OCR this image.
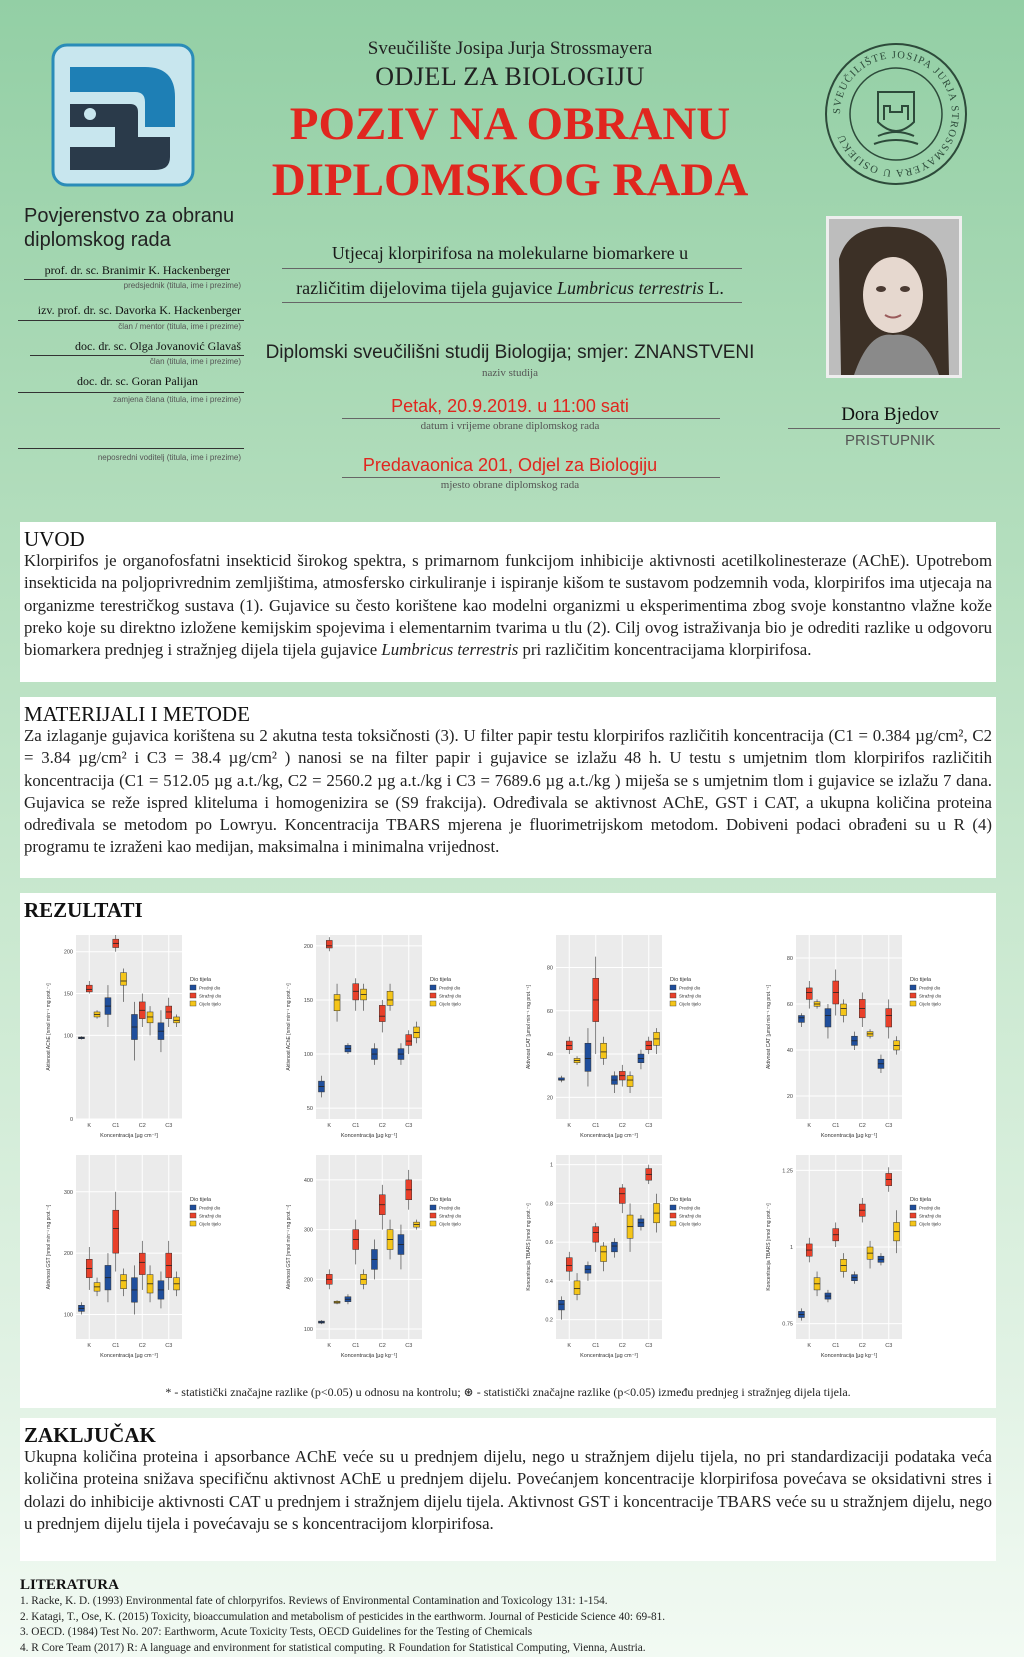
Povjerenstvo za obranu diplomskog rada
prof. dr. sc. Branimir K. Hackenberger
predsjednik (titula, ime i prezime)
izv. prof. dr. sc. Davorka K. Hackenberger
član / mentor (titula, ime i prezime)
doc. dr. sc. Olga Jovanović Glavaš
član (titula, ime i prezime)
doc. dr. sc. Goran Palijan
zamjena člana (titula, ime i prezime)
neposredni voditelj (titula, ime i prezime)
Sveučilište Josipa Jurja Strossmayera
ODJEL ZA BIOLOGIJU
POZIV NA OBRANU
DIPLOMSKOG RADA
Utjecaj klorpirifosa na molekularne biomarkere u
različitim dijelovima tijela gujavice Lumbricus terrestris L.
Diplomski sveučilišni studij Biologija; smjer: ZNANSTVENI
naziv studija
Petak, 20.9.2019. u 11:00 sati
datum i vrijeme obrane diplomskog rada
Predavaonica 201, Odjel za Biologiju
mjesto obrane diplomskog rada
SVEUČILIŠTE JOSIPA JURJA STROSSMAYERA U OSIJEKU
Dora Bjedov
PRISTUPNIK
UVOD

Klorpirifos je organofosfatni insekticid širokog spektra, s primarnom funkcijom inhibicije aktivnosti acetilkolinesteraze (AChE). Upotrebom insekticida na poljoprivrednim zemljištima, atmosfersko cirkuliranje i ispiranje kišom te sustavom podzemnih voda, klorpirifos ima utjecaja na organizme terestričkog sustava (1). Gujavice su često korištene kao modelni organizmi u eksperimentima zbog svoje konstantno vlažne kože preko koje su direktno izložene kemijskim spojevima i elementarnim tvarima u tlu (2). Cilj ovog istraživanja bio je odrediti razlike u odgovoru biomarkera prednjeg i stražnjeg dijela tijela gujavice Lumbricus terrestris pri različitim koncentracijama klorpirifosa.

MATERIJALI I METODE

Za izlaganje gujavica korištena su 2 akutna testa toksičnosti (3). U filter papir testu klorpirifos različitih koncentracija (C1 = 0.384 µg/cm², C2 = 3.84 µg/cm² i C3 = 38.4 µg/cm² ) nanosi se na filter papir i gujavice se izlažu 48 h. U testu s umjetnim tlom klorpirifos različitih koncentracija (C1 = 512.05 µg a.t./kg, C2 = 2560.2 µg a.t./kg i C3 = 7689.6 µg a.t./kg ) miješa se s umjetnim tlom i gujavice se izlažu 7 dana. Gujavica se reže ispred kliteluma i homogenizira se (S9 frakcija). Određivala se aktivnost AChE, GST i CAT, a ukupna količina proteina određivala se metodom po Lowryu. Koncentracija TBARS mjerena je fluorimetrijskom metodom. Dobiveni podaci obrađeni su u R (4) programu te izraženi kao medijan, maksimalna i minimalna vrijednost.

REZULTATI
0
100
150
200
K	C1	C2	C3
Koncentracija [µg cm⁻²]
Aktivnost AChE [nmol min⁻¹ mg prot.⁻¹]
Dio tijela
Prednji dio
Stražnji dio
Cijelo tijelo
50
100
150
200
K	C1	C2	C3
Koncentracija [µg kg⁻¹]
Aktivnost AChE [nmol min⁻¹ mg prot.⁻¹]
Dio tijela
Prednji dio
Stražnji dio
Cijelo tijelo
20
40
60
80
K	C1	C2	C3
Koncentracija [µg cm⁻²]
Aktivnost CAT [µmol min⁻¹ mg prot.⁻¹]
Dio tijela
Prednji dio
Stražnji dio
Cijelo tijelo
20
40
60
80
K	C1	C2	C3
Koncentracija [µg kg⁻¹]
Aktivnost CAT [µmol min⁻¹ mg prot.⁻¹]
Dio tijela
Prednji dio
Stražnji dio
Cijelo tijelo
100
200
300
K	C1	C2	C3
Koncentracija [µg cm⁻²]
Aktivnost GST [nmol min⁻¹ mg prot.⁻¹]
Dio tijela
Prednji dio
Stražnji dio
Cijelo tijelo
100
200
300
400
K	C1	C2	C3
Koncentracija [µg kg⁻¹]
Aktivnost GST [nmol min⁻¹ mg prot.⁻¹]
Dio tijela
Prednji dio
Stražnji dio
Cijelo tijelo
0.2
0.4
0.6
0.8
1
K	C1	C2	C3
Koncentracija [µg cm⁻²]
Koncentracija TBARS [nmol mg prot.⁻¹]
Dio tijela
Prednji dio
Stražnji dio
Cijelo tijelo
0.75
1
1.25
K	C1	C2	C3
Koncentracija [µg kg⁻¹]
Koncentracija TBARS [nmol mg prot.⁻¹]
Dio tijela
Prednji dio
Stražnji dio
Cijelo tijelo
* - statistički značajne razlike (p<0.05) u odnosu na kontrolu; ⊛ - statistički značajne razlike (p<0.05) između prednjeg i stražnjeg dijela tijela.
ZAKLJUČAK

Ukupna količina proteina i apsorbance AChE veće su u prednjem dijelu, nego u stražnjem dijelu tijela, no pri standardizaciji podataka veća količina proteina snižava specifičnu aktivnost AChE u prednjem dijelu. Povećanjem koncentracije klorpirifosa povećava se oksidativni stres i dolazi do inhibicije aktivnosti CAT u prednjem i stražnjem dijelu tijela. Aktivnost GST i koncentracije TBARS veće su u stražnjem dijelu, nego u prednjem dijelu tijela i povećavaju se s koncentracijom klorpirifosa.

LITERATURA
1. Racke, K. D. (1993) Environmental fate of chlorpyrifos. Reviews of Environmental Contamination and Toxicology 131: 1-154.
2. Katagi, T., Ose, K. (2015) Toxicity, bioaccumulation and metabolism of pesticides in the earthworm. Journal of Pesticide Science 40: 69-81.
3. OECD. (1984) Test No. 207: Earthworm, Acute Toxicity Tests, OECD Guidelines for the Testing of Chemicals
4. R Core Team (2017) R: A language and environment for statistical computing. R Foundation for Statistical Computing, Vienna, Austria.
